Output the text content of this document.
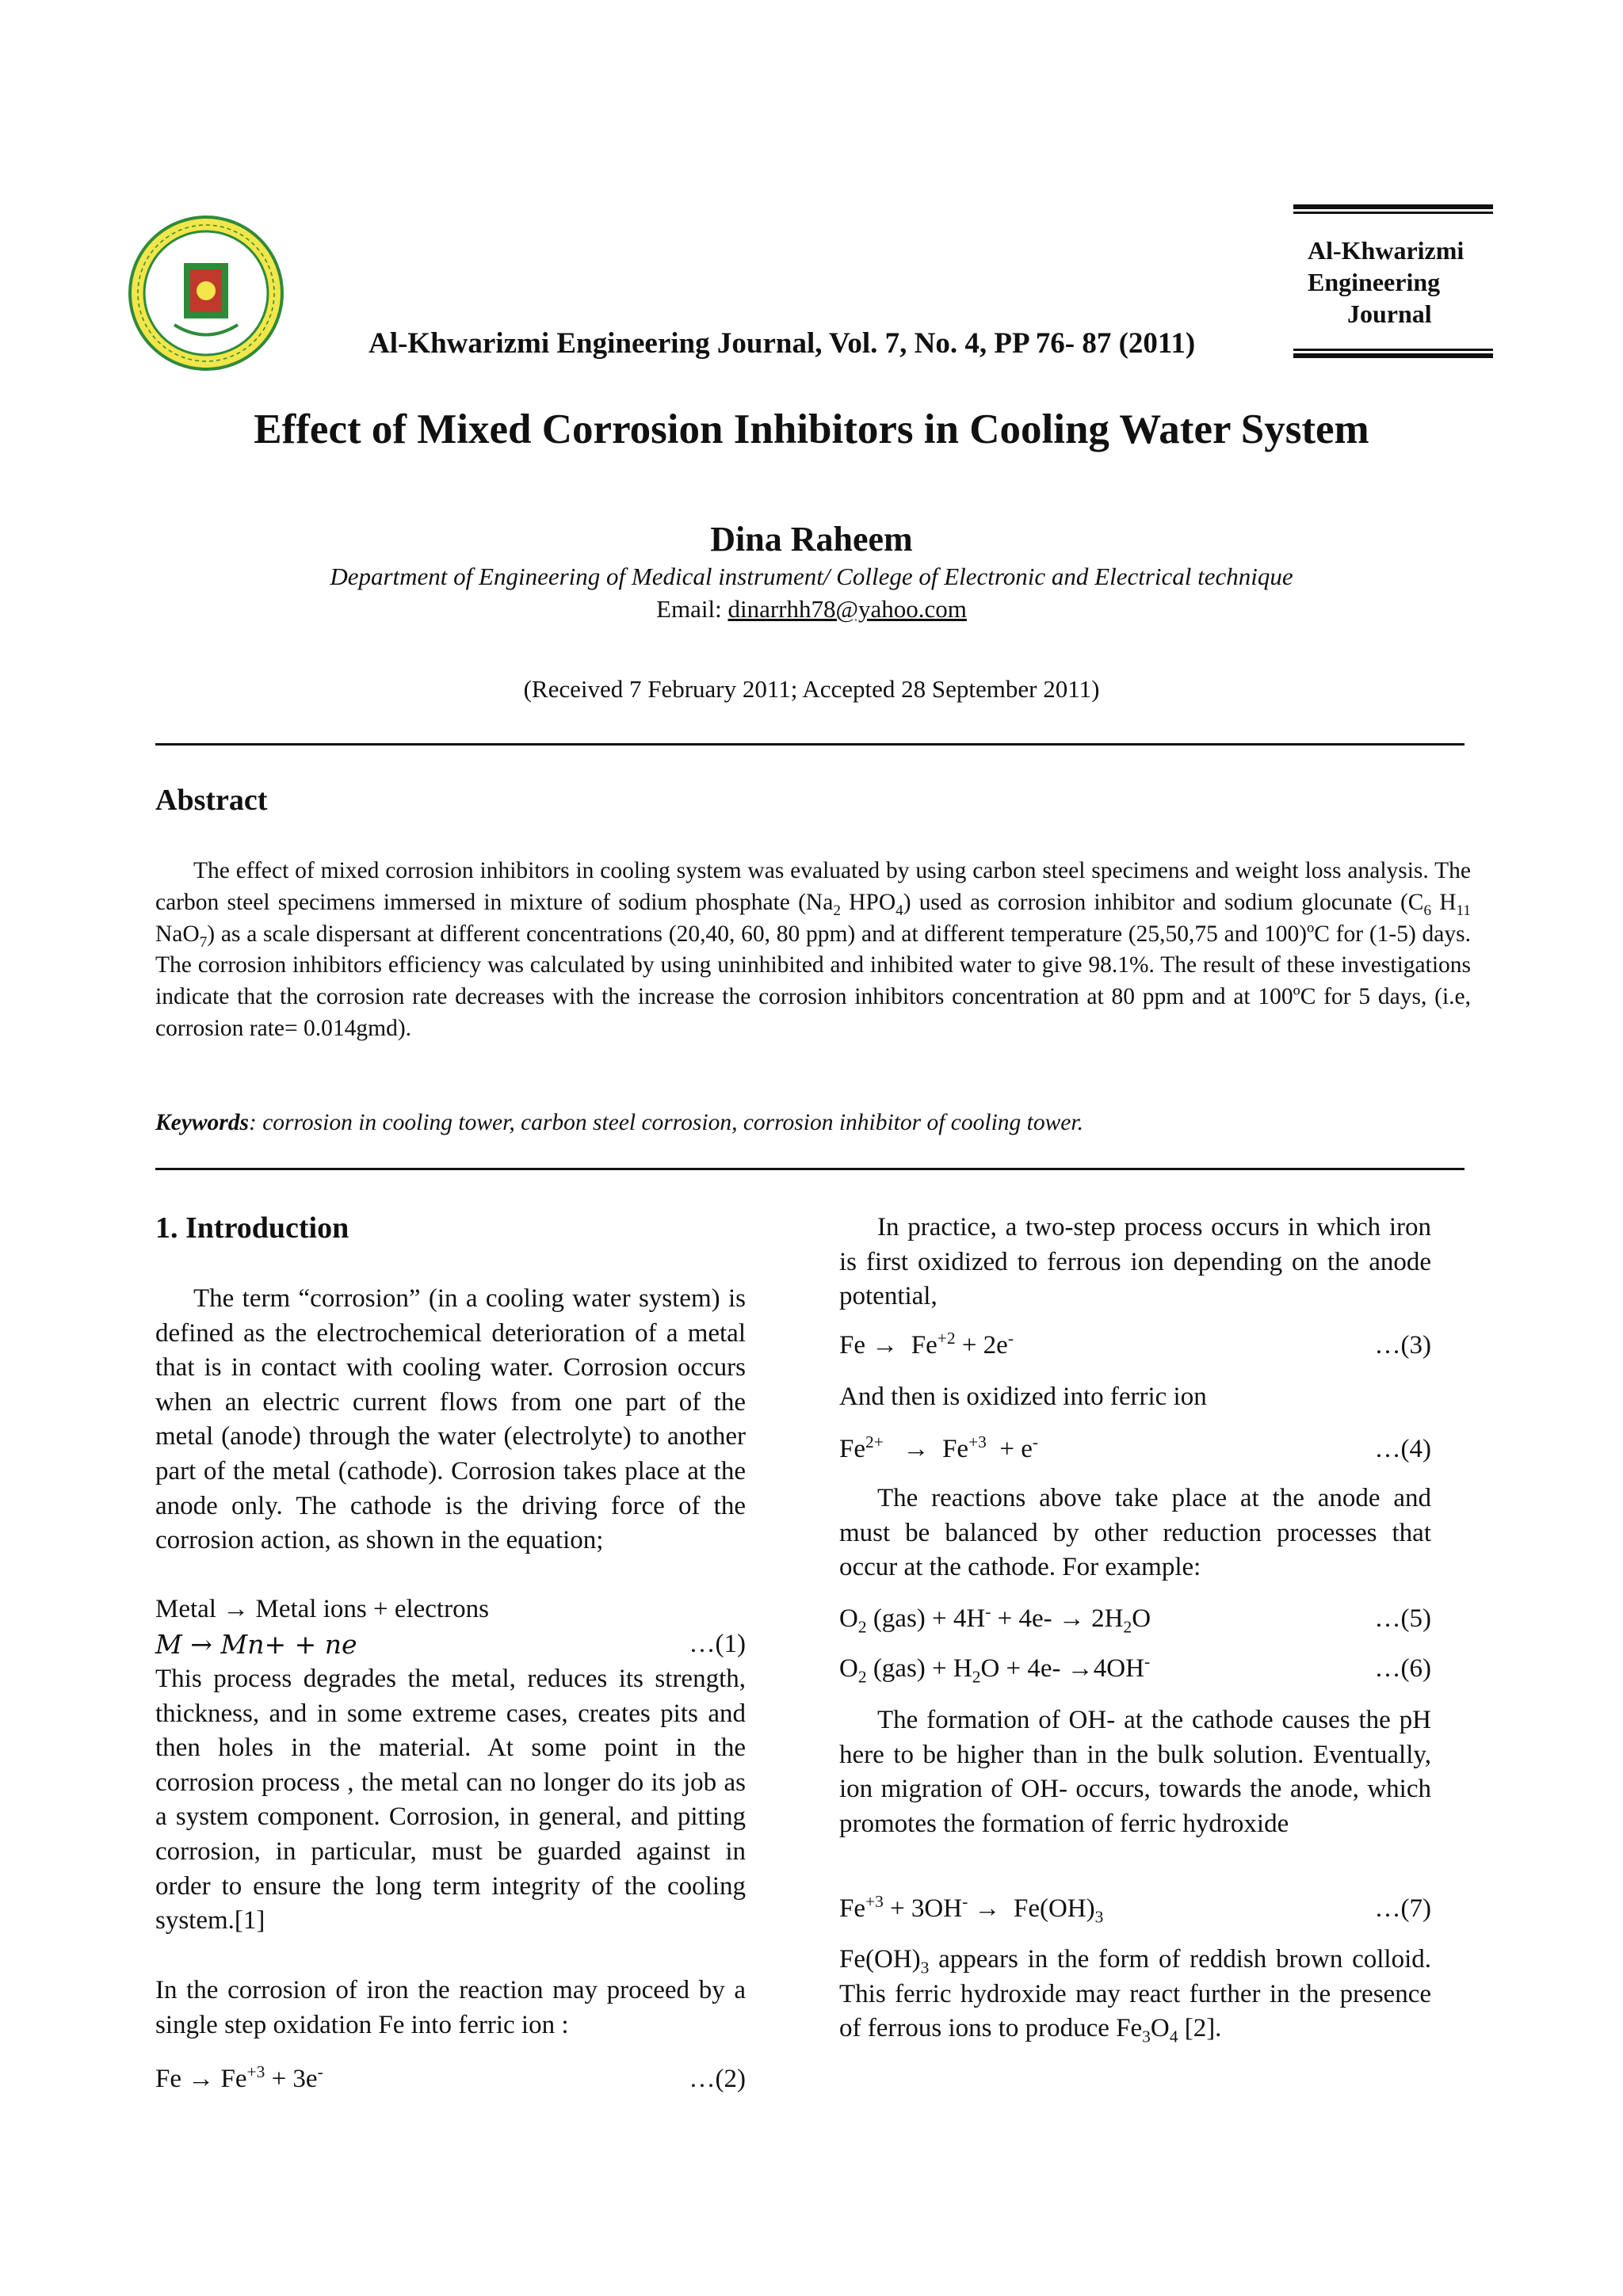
Al-Khwarizmi Engineering Journal, Vol. 7, No. 4, PP 76- 87 (2011)
Al-Khwarizmi
Engineering
Journal
Effect of Mixed Corrosion Inhibitors in Cooling Water System
Dina Raheem
Department of Engineering of Medical instrument/ College of Electronic and Electrical technique
Email: dinarrhh78@yahoo.com
(Received 7 February 2011; Accepted 28 September 2011)
Abstract
The effect of mixed corrosion inhibitors in cooling system was evaluated by using carbon steel specimens and weight loss analysis. The carbon steel specimens immersed in mixture of sodium phosphate ($Na_2$ $HPO_4$) used as corrosion inhibitor and sodium glocunate ($C_6$ $H_{11}$ NaO$_7$) as a scale dispersant at different concentrations (20,40, 60, 80 ppm) and at different temperature (25,50,75 and 100)ºC for (1-5) days. The corrosion inhibitors efficiency was calculated by using uninhibited and inhibited water to give 98.1%. The result of these investigations indicate that the corrosion rate decreases with the increase the corrosion inhibitors concentration at 80 ppm and at 100ºC for 5 days, (i.e, corrosion rate= 0.014gmd).
Keywords: corrosion in cooling tower, carbon steel corrosion, corrosion inhibitor of cooling tower.
1. Introduction
The term “corrosion” (in a cooling water system) is defined as the electrochemical deterioration of a metal that is in contact with cooling water. Corrosion occurs when an electric current flows from one part of the metal (anode) through the water (electrolyte) to another part of the metal (cathode). Corrosion takes place at the anode only. The cathode is the driving force of the corrosion action, as shown in the equation;
Metal → Metal ions + electrons
M → Mn+ + ne	…(1)
This process degrades the metal, reduces its strength, thickness, and in some extreme cases, creates pits and then holes in the material. At some point in the corrosion process , the metal can no longer do its job as a system component. Corrosion, in general, and pitting corrosion, in particular, must be guarded against in order to ensure the long term integrity of the cooling system.[1]
In the corrosion of iron the reaction may proceed by a single step oxidation Fe into ferric ion :
$Fe \to Fe^{+3} + 3e^-$	…(2)
In practice, a two-step process occurs in which iron is first oxidized to ferrous ion depending on the anode potential,
$Fe \to Fe^{+2} + 2e^-$	…(3)
And then is oxidized into ferric ion
$Fe^{2+} \to Fe^{+3} + e^-$	…(4)
The reactions above take place at the anode and must be balanced by other reduction processes that occur at the cathode. For example:
$O_2$ $(gas) + 4H^- + 4e- \to 2H_2O$	…(5)
$O_2$ $(gas) + H_2O + 4e- \to 4OH^-$	…(6)
The formation of OH- at the cathode causes the pH here to be higher than in the bulk solution. Eventually, ion migration of OH- occurs, towards the anode, which promotes the formation of ferric hydroxide
$Fe^{+3} + 3OH^- \to Fe(OH)_3$	…(7)
$Fe(OH)_3$ appears in the form of reddish brown colloid. This ferric hydroxide may react further in the presence of ferrous ions to produce $Fe_3O_4$ [2].
